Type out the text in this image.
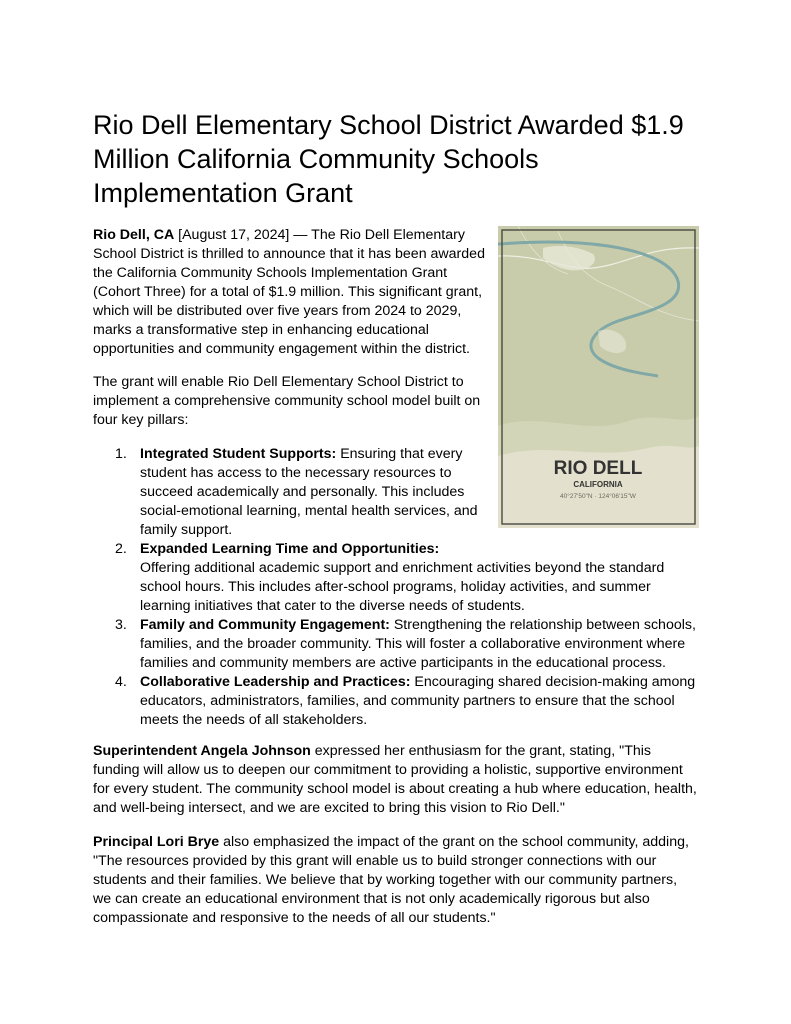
Rio Dell Elementary School District Awarded $1.9 Million California Community Schools Implementation Grant

Rio Dell, CA [August 17, 2024] — The Rio Dell Elementary School District is thrilled to announce that it has been awarded the California Community Schools Implementation Grant (Cohort Three) for a total of $1.9 million. This significant grant, which will be distributed over five years from 2024 to 2029, marks a transformative step in enhancing educational opportunities and community engagement within the district.

The grant will enable Rio Dell Elementary School District to implement a comprehensive community school model built on four key pillars:

1. Integrated Student Supports: Ensuring that every student has access to the necessary resources to succeed academically and personally. This includes social-emotional learning, mental health services, and family support.
2. Expanded Learning Time and Opportunities:
Offering additional academic support and enrichment activities beyond the standard school hours. This includes after-school programs, holiday activities, and summer learning initiatives that cater to the diverse needs of students.
3. Family and Community Engagement: Strengthening the relationship between schools, families, and the broader community. This will foster a collaborative environment where families and community members are active participants in the educational process.
4. Collaborative Leadership and Practices: Encouraging shared decision-making among educators, administrators, families, and community partners to ensure that the school meets the needs of all stakeholders.

Superintendent Angela Johnson expressed her enthusiasm for the grant, stating, "This funding will allow us to deepen our commitment to providing a holistic, supportive environment for every student. The community school model is about creating a hub where education, health, and well-being intersect, and we are excited to bring this vision to Rio Dell."

Principal Lori Brye also emphasized the impact of the grant on the school community, adding, "The resources provided by this grant will enable us to build stronger connections with our students and their families. We believe that by working together with our community partners, we can create an educational environment that is not only academically rigorous but also compassionate and responsive to the needs of all our students."

RIO DELL
CALIFORNIA
40°27'50"N · 124°06'15"W
